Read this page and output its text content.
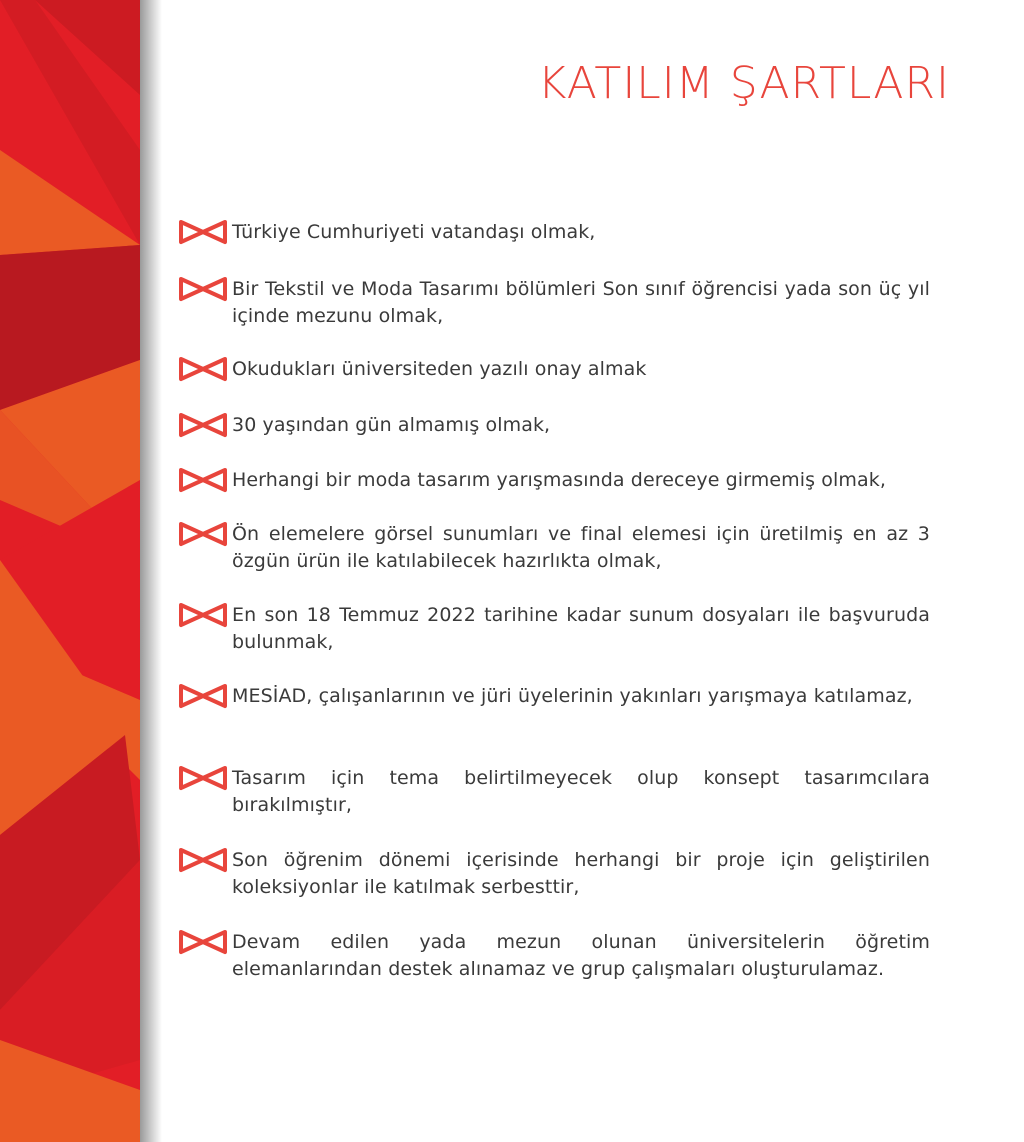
KATILIM ŞARTLARI

Türkiye Cumhuriyeti vatandaşı olmak,

Bir Tekstil ve Moda Tasarımı bölümleri Son sınıf öğrencisi yada son üç yıl içinde mezunu olmak,

Okudukları üniversiteden yazılı onay almak

30 yaşından gün almamış olmak,

Herhangi bir moda tasarım yarışmasında dereceye girmemiş olmak,

Ön elemelere görsel sunumları ve final elemesi için üretilmiş en az 3 özgün ürün ile katılabilecek hazırlıkta olmak,

En son 18 Temmuz 2022 tarihine kadar sunum dosyaları ile başvuruda bulunmak,

MESİAD, çalışanlarının ve jüri üyelerinin yakınları yarışmaya katılamaz,

Tasarım için tema belirtilmeyecek olup konsept tasarımcılara bırakılmıştır,

Son öğrenim dönemi içerisinde herhangi bir proje için geliştirilen koleksiyonlar ile katılmak serbesttir,

Devam edilen yada mezun olunan üniversitelerin öğretim elemanlarından destek alınamaz ve grup çalışmaları oluşturulamaz.
